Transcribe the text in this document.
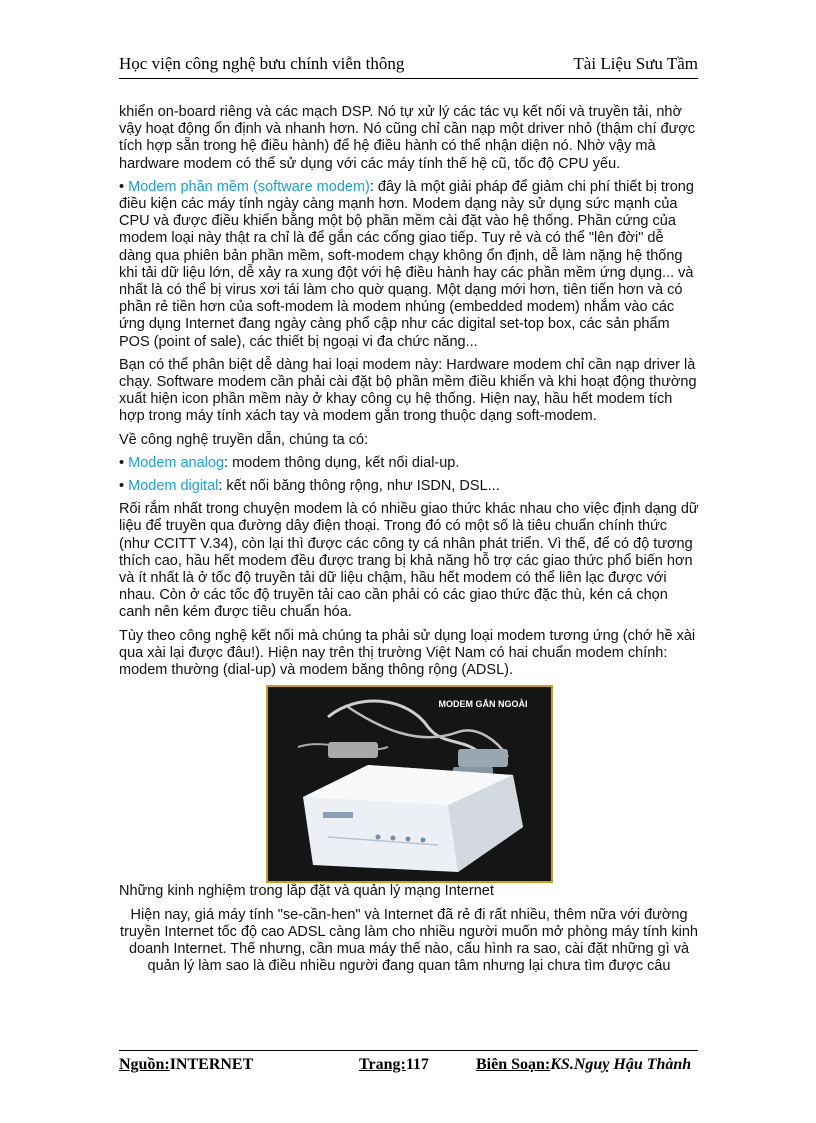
Học viện công nghệ bưu chính viễn thông	Tài Liệu Sưu Tầm

khiển on-board riêng và các mạch DSP. Nó tự xử lý các tác vụ kết nối và truyền tải, nhờ vậy hoạt động ổn định và nhanh hơn. Nó cũng chỉ cần nạp một driver nhỏ (thậm chí được tích hợp sẵn trong hệ điều hành) để hệ điều hành có thể nhận diện nó. Nhờ vậy mà hardware modem có thể sử dụng với các máy tính thế hệ cũ, tốc độ CPU yếu.

• Modem phần mềm (software modem): đây là một giải pháp để giảm chi phí thiết bị trong điều kiện các máy tính ngày càng mạnh hơn. Modem dạng này sử dụng sức mạnh của CPU và được điều khiển bằng một bộ phần mềm cài đặt vào hệ thống. Phần cứng của modem loại này thật ra chỉ là để gắn các cổng giao tiếp. Tuy rẻ và có thể "lên đời" dễ dàng qua phiên bản phần mềm, soft-modem chạy không ổn định, dễ làm nặng hệ thống khi tải dữ liệu lớn, dễ xảy ra xung đột với hệ điều hành hay các phần mềm ứng dụng... và nhất là có thể bị virus xơi tái làm cho quờ quạng. Một dạng mới hơn, tiên tiến hơn và có phần rẻ tiền hơn của soft-modem là modem nhúng (embedded modem) nhắm vào các ứng dụng Internet đang ngày càng phổ cập như các digital set-top box, các sản phẩm POS (point of sale), các thiết bị ngoại vi đa chức năng...

Bạn có thể phân biệt dễ dàng hai loại modem này: Hardware modem chỉ cần nạp driver là chạy. Software modem cần phải cài đặt bộ phần mềm điều khiển và khi hoạt động thường xuất hiện icon phần mềm này ở khay công cụ hệ thống. Hiện nay, hầu hết modem tích hợp trong máy tính xách tay và modem gắn trong thuộc dạng soft-modem.

Về công nghệ truyền dẫn, chúng ta có:

• Modem analog: modem thông dụng, kết nối dial-up.

• Modem digital: kết nối băng thông rộng, như ISDN, DSL...

Rối rắm nhất trong chuyện modem là có nhiều giao thức khác nhau cho việc định dạng dữ liệu để truyền qua đường dây điện thoại. Trong đó có một số là tiêu chuẩn chính thức (như CCITT V.34), còn lại thì được các công ty cá nhân phát triển. Vì thế, để có độ tương thích cao, hầu hết modem đều được trang bị khả năng hỗ trợ các giao thức phổ biến hơn và ít nhất là ở tốc độ truyền tải dữ liệu chậm, hầu hết modem có thể liên lạc được với nhau. Còn ở các tốc độ truyền tải cao cần phải có các giao thức đặc thù, kén cá chọn canh nên kém được tiêu chuẩn hóa.

Tùy theo công nghệ kết nối mà chúng ta phải sử dụng loại modem tương ứng (chớ hề xài qua xài lại được đâu!). Hiện nay trên thị trường Việt Nam có hai chuẩn modem chính: modem thường (dial-up) và modem băng thông rộng (ADSL).

MODEM GẮN NGOÀI

Những kinh nghiệm trong lắp đặt và quản lý mạng Internet

Hiện nay, giá máy tính "se-cần-hen" và Internet đã rẻ đi rất nhiều, thêm nữa với đường truyền Internet tốc độ cao ADSL càng làm cho nhiều người muốn mở phòng máy tính kinh doanh Internet. Thế nhưng, cần mua máy thế nào, cấu hình ra sao, cài đặt những gì và quản lý làm sao là điều nhiều người đang quan tâm nhưng lại chưa tìm được câu

Nguồn:INTERNET	Trang:117	Biên Soạn:KS.Nguỵ Hậu Thành
